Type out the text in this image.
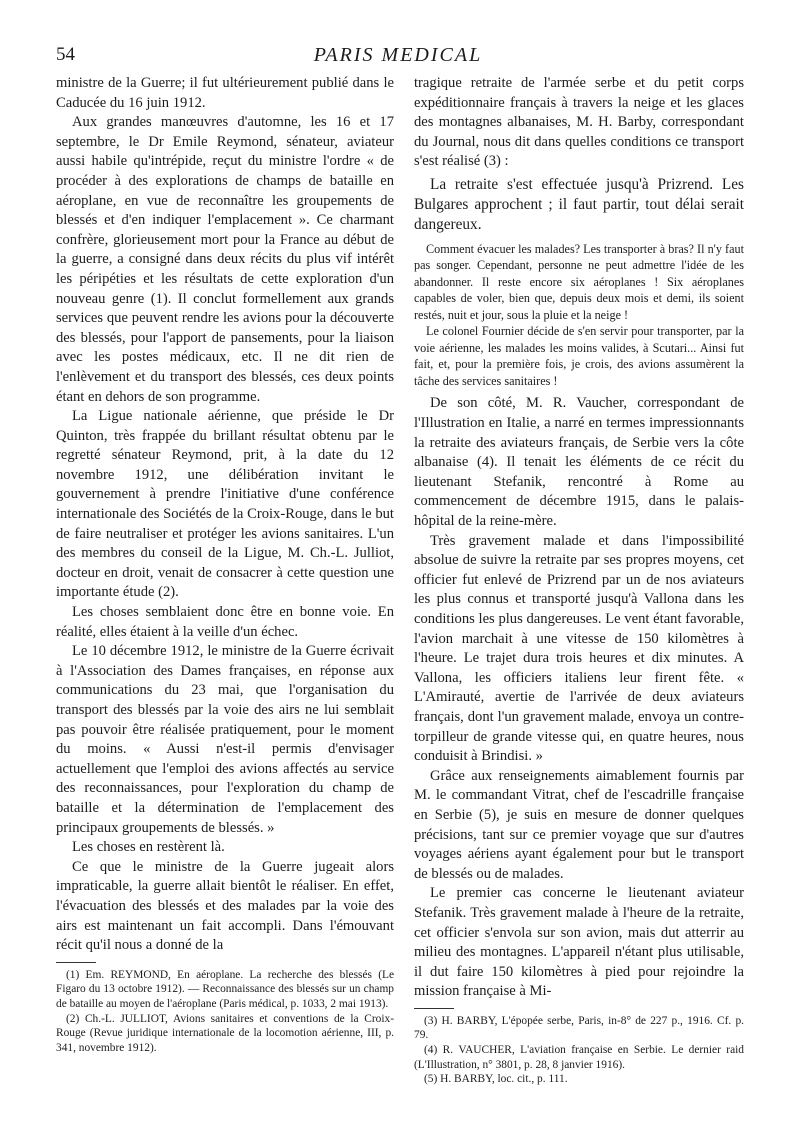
54	PARIS MEDICAL

ministre de la Guerre; il fut ultérieurement publié dans le Caducée du 16 juin 1912.

Aux grandes manœuvres d'automne, les 16 et 17 septembre, le Dr Emile Reymond, sénateur, aviateur aussi habile qu'intrépide, reçut du ministre l'ordre « de procéder à des explorations de champs de bataille en aéroplane, en vue de reconnaître les groupements de blessés et d'en indiquer l'emplacement ». Ce charmant confrère, glorieusement mort pour la France au début de la guerre, a consigné dans deux récits du plus vif intérêt les péripéties et les résultats de cette exploration d'un nouveau genre (1). Il conclut formellement aux grands services que peuvent rendre les avions pour la découverte des blessés, pour l'apport de pansements, pour la liaison avec les postes médicaux, etc. Il ne dit rien de l'enlèvement et du transport des blessés, ces deux points étant en dehors de son programme.

La Ligue nationale aérienne, que préside le Dr Quinton, très frappée du brillant résultat obtenu par le regretté sénateur Reymond, prit, à la date du 12 novembre 1912, une délibération invitant le gouvernement à prendre l'initiative d'une conférence internationale des Sociétés de la Croix-Rouge, dans le but de faire neutraliser et protéger les avions sanitaires. L'un des membres du conseil de la Ligue, M. Ch.-L. Julliot, docteur en droit, venait de consacrer à cette question une importante étude (2).

Les choses semblaient donc être en bonne voie. En réalité, elles étaient à la veille d'un échec.

Le 10 décembre 1912, le ministre de la Guerre écrivait à l'Association des Dames françaises, en réponse aux communications du 23 mai, que l'organisation du transport des blessés par la voie des airs ne lui semblait pas pouvoir être réalisée pratiquement, pour le moment du moins. « Aussi n'est-il permis d'envisager actuellement que l'emploi des avions affectés au service des reconnaissances, pour l'exploration du champ de bataille et la détermination de l'emplacement des principaux groupements de blessés. »

Les choses en restèrent là.

Ce que le ministre de la Guerre jugeait alors impraticable, la guerre allait bientôt le réaliser. En effet, l'évacuation des blessés et des malades par la voie des airs est maintenant un fait accompli. Dans l'émouvant récit qu'il nous a donné de la

(1) Em. REYMOND, En aéroplane. La recherche des blessés (Le Figaro du 13 octobre 1912). — Reconnaissance des blessés sur un champ de bataille au moyen de l'aéroplane (Paris médical, p. 1033, 2 mai 1913).

(2) Ch.-L. JULLIOT, Avions sanitaires et conventions de la Croix-Rouge (Revue juridique internationale de la locomotion aérienne, III, p. 341, novembre 1912).

tragique retraite de l'armée serbe et du petit corps expéditionnaire français à travers la neige et les glaces des montagnes albanaises, M. H. Barby, correspondant du Journal, nous dit dans quelles conditions ce transport s'est réalisé (3) :

La retraite s'est effectuée jusqu'à Prizrend. Les Bulgares approchent ; il faut partir, tout délai serait dangereux.

Comment évacuer les malades? Les transporter à bras? Il n'y faut pas songer. Cependant, personne ne peut admettre l'idée de les abandonner. Il reste encore six aéroplanes ! Six aéroplanes capables de voler, bien que, depuis deux mois et demi, ils soient restés, nuit et jour, sous la pluie et la neige !

Le colonel Fournier décide de s'en servir pour transporter, par la voie aérienne, les malades les moins valides, à Scutari... Ainsi fut fait, et, pour la première fois, je crois, des avions assumèrent la tâche des services sanitaires !

De son côté, M. R. Vaucher, correspondant de l'Illustration en Italie, a narré en termes impressionnants la retraite des aviateurs français, de Serbie vers la côte albanaise (4). Il tenait les éléments de ce récit du lieutenant Stefanik, rencontré à Rome au commencement de décembre 1915, dans le palais-hôpital de la reine-mère.

Très gravement malade et dans l'impossibilité absolue de suivre la retraite par ses propres moyens, cet officier fut enlevé de Prizrend par un de nos aviateurs les plus connus et transporté jusqu'à Vallona dans les conditions les plus dangereuses. Le vent étant favorable, l'avion marchait à une vitesse de 150 kilomètres à l'heure. Le trajet dura trois heures et dix minutes. A Vallona, les officiers italiens leur firent fête. « L'Amirauté, avertie de l'arrivée de deux aviateurs français, dont l'un gravement malade, envoya un contre-torpilleur de grande vitesse qui, en quatre heures, nous conduisit à Brindisi. »

Grâce aux renseignements aimablement fournis par M. le commandant Vitrat, chef de l'escadrille française en Serbie (5), je suis en mesure de donner quelques précisions, tant sur ce premier voyage que sur d'autres voyages aériens ayant également pour but le transport de blessés ou de malades.

Le premier cas concerne le lieutenant aviateur Stefanik. Très gravement malade à l'heure de la retraite, cet officier s'envola sur son avion, mais dut atterrir au milieu des montagnes. L'appareil n'étant plus utilisable, il dut faire 150 kilomètres à pied pour rejoindre la mission française à Mi-

(3) H. BARBY, L'épopée serbe, Paris, in-8° de 227 p., 1916. Cf. p. 79.

(4) R. VAUCHER, L'aviation française en Serbie. Le dernier raid (L'Illustration, n° 3801, p. 28, 8 janvier 1916).

(5) H. BARBY, loc. cit., p. 111.
